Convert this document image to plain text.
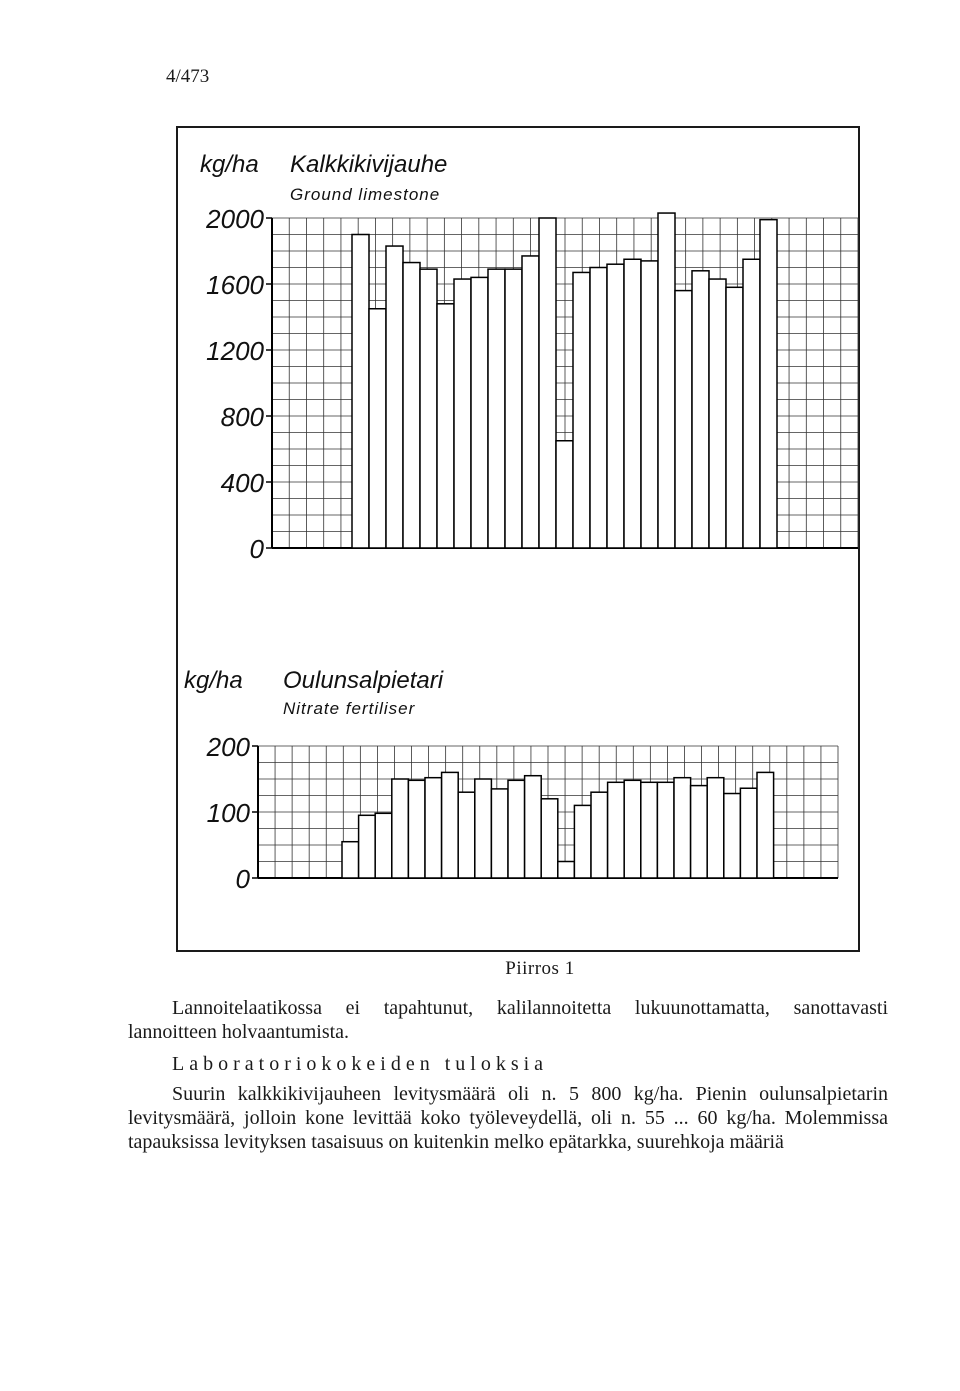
4/473
kg/ha Kalkkikivijauhe
Ground limestone
2000
1600
1200
800
400
0
kg/ha Oulunsalpietari
Nitrate fertiliser
200
100
0
Piirros 1

Lannoitelaatikossa ei tapahtunut, kalilannoitetta lukuunottamatta, sanottavasti lannoitteen holvaantumista.

Laboratoriokokeiden tuloksia

Suurin kalkkikivijauheen levitysmäärä oli n. 5 800 kg/ha. Pienin oulunsalpietarin levitysmäärä, jolloin kone levittää koko työleveydellä, oli n. 55 ... 60 kg/ha. Molemmissa tapauksissa levityksen tasaisuus on kuitenkin melko epätarkka, suurehkoja määriä
